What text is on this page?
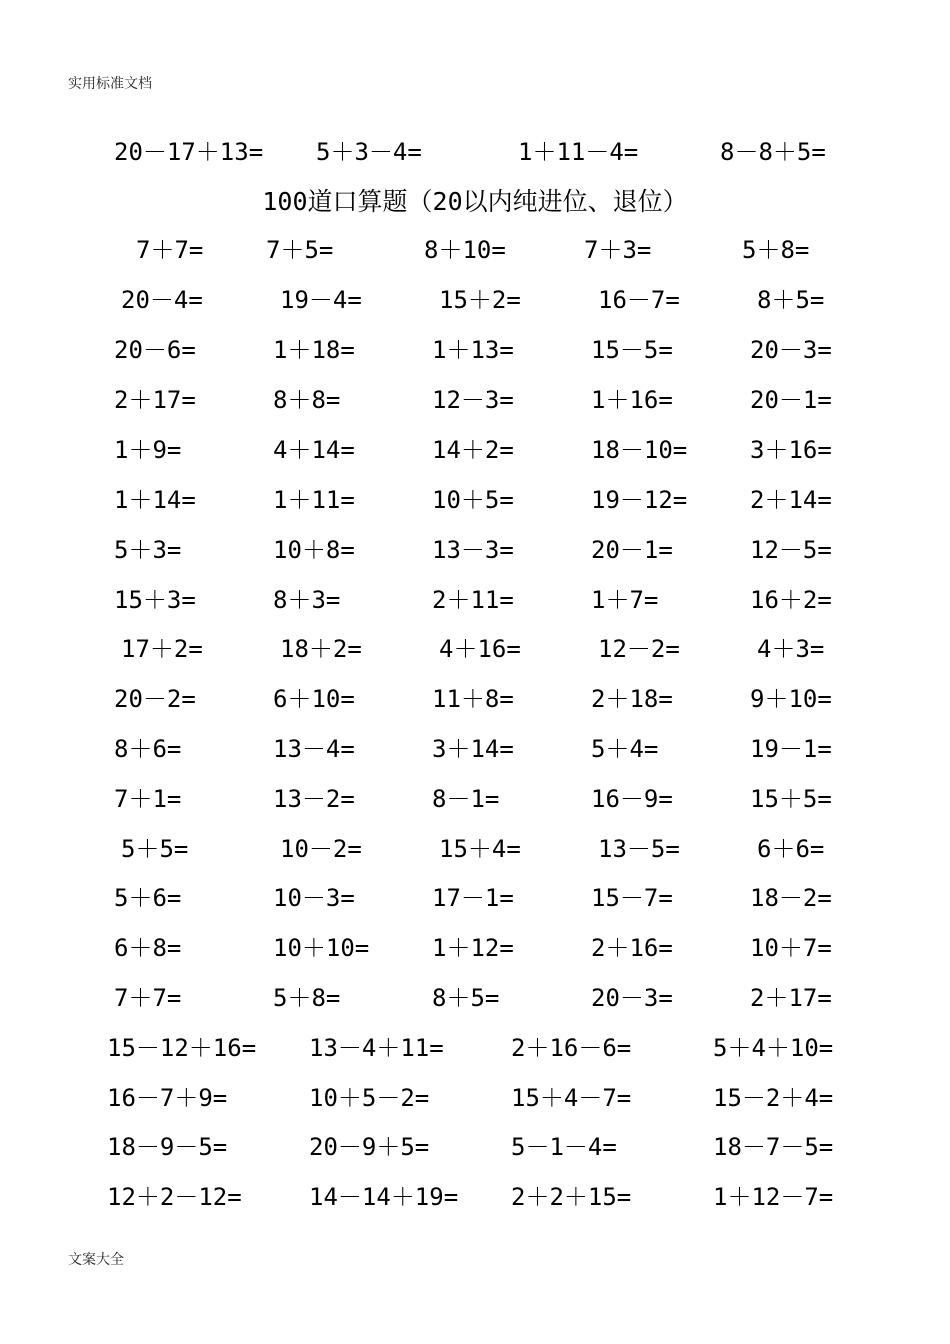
实用标准文档
20－17＋13= 5＋3－4=	1＋11－4=	8－8＋5=
100道口算题（20以内纯进位、退位）
7＋7=	7＋5=	8＋10=	7＋3=	5＋8=
20－4=	19－4=	15＋2=	16－7=	8＋5=
20－6=	1＋18=	1＋13=	15－5=	20－3=
2＋17=	8＋8=	12－3=	1＋16=	20－1=
1＋9=	4＋14=	14＋2=	18－10=	3＋16=
1＋14=	1＋11=	10＋5=	19－12=	2＋14=
5＋3=	10＋8=	13－3=	20－1=	12－5=
15＋3=	8＋3=	2＋11=	1＋7=	16＋2=
17＋2=	18＋2=	4＋16=	12－2=	4＋3=
20－2=	6＋10=	11＋8=	2＋18=	9＋10=
8＋6=	13－4=	3＋14=	5＋4=	19－1=
7＋1=	13－2=	8－1=	16－9=	15＋5=
5＋5=	10－2=	15＋4=	13－5=	6＋6=
5＋6=	10－3=	17－1=	15－7=	18－2=
6＋8=	10＋10=	1＋12=	2＋16=	10＋7=
7＋7=	5＋8=	8＋5=	20－3=	2＋17=
15－12＋16= 13－4＋11=	2＋16－6=	5＋4＋10=
16－7＋9=	10＋5－2=	15＋4－7=	15－2＋4=
18－9－5=	20－9＋5=	5－1－4=	18－7－5=
12＋2－12=	14－14＋19= 2＋2＋15=	1＋12－7=
文案大全
